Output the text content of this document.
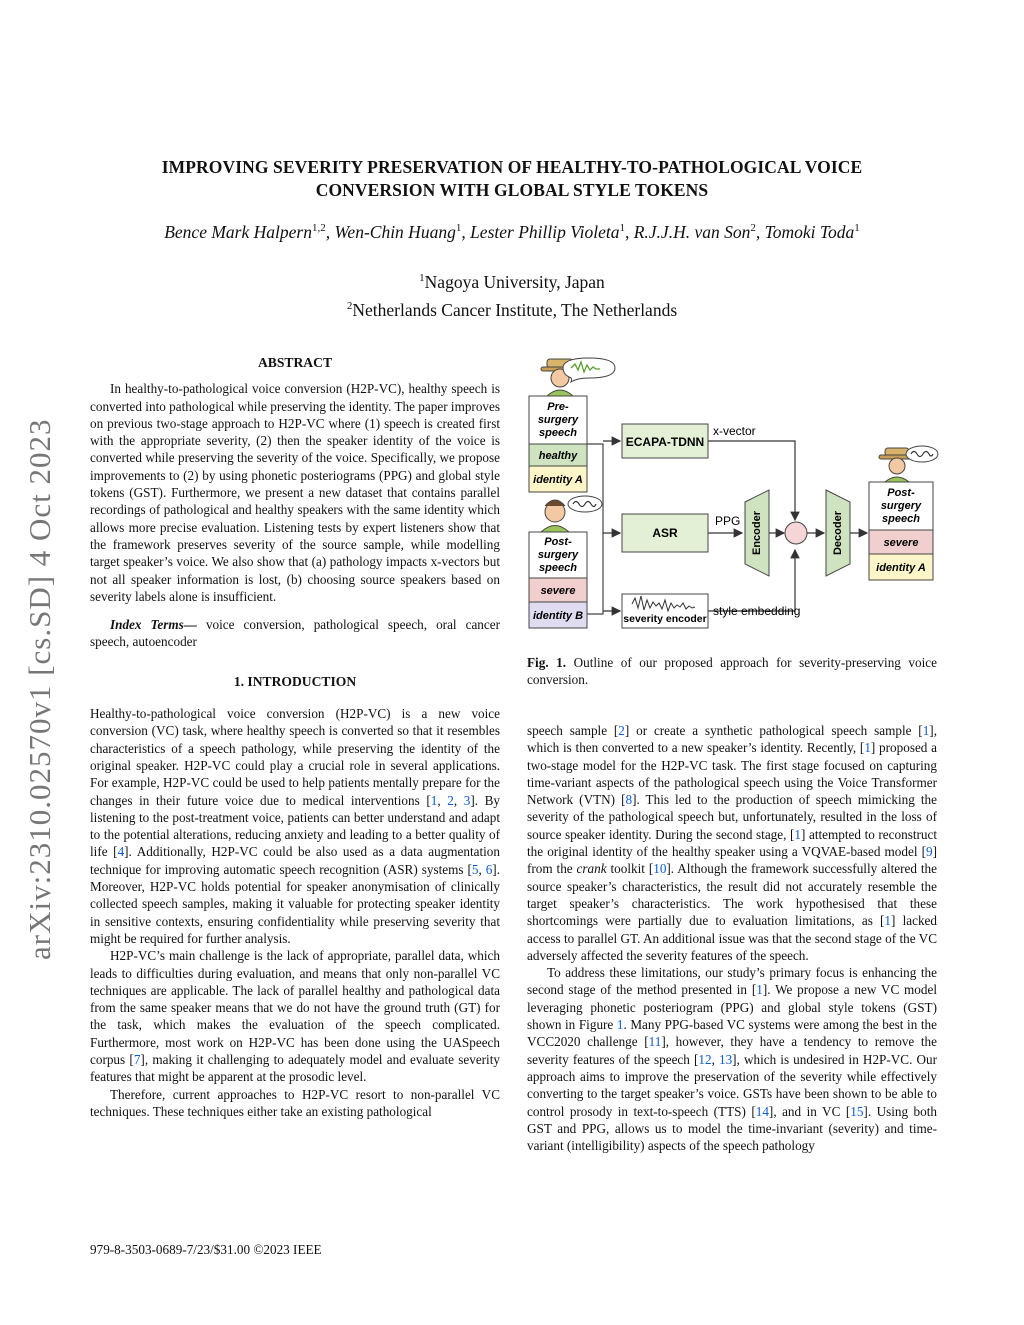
IMPROVING SEVERITY PRESERVATION OF HEALTHY-TO-PATHOLOGICAL VOICE
CONVERSION WITH GLOBAL STYLE TOKENS
Bence Mark Halpern$^{1,2}$, Wen-Chin Huang$^1$, Lester Phillip Violeta$^1$, R.J.J.H. van Son$^2$, Tomoki Toda$^1$
$^1$Nagoya University, Japan
$^2$Netherlands Cancer Institute, The Netherlands
arXiv:2310.02570v1 [cs.SD] 4 Oct 2023

ABSTRACT

In healthy-to-pathological voice conversion (H2P-VC), healthy speech is converted into pathological while preserving the identity. The paper improves on previous two-stage approach to H2P-VC where (1) speech is created first with the appropriate severity, (2) then the speaker identity of the voice is converted while preserving the severity of the voice. Specifically, we propose improvements to (2) by using phonetic posteriograms (PPG) and global style tokens (GST). Furthermore, we present a new dataset that contains parallel recordings of pathological and healthy speakers with the same identity which allows more precise evaluation. Listening tests by expert listeners show that the framework preserves severity of the source sample, while modelling target speaker’s voice. We also show that (a) pathology impacts x-vectors but not all speaker information is lost, (b) choosing source speakers based on severity labels alone is insufficient.

Index Terms— voice conversion, pathological speech, oral cancer speech, autoencoder

1. INTRODUCTION

Healthy-to-pathological voice conversion (H2P-VC) is a new voice conversion (VC) task, where healthy speech is converted so that it resembles characteristics of a speech pathology, while preserving the identity of the original speaker. H2P-VC could play a crucial role in several applications. For example, H2P-VC could be used to help patients mentally prepare for the changes in their future voice due to medical interventions [1, 2, 3]. By listening to the post-treatment voice, patients can better understand and adapt to the potential alterations, reducing anxiety and leading to a better quality of life [4]. Additionally, H2P-VC could be also used as a data augmentation technique for improving automatic speech recognition (ASR) systems [5, 6]. Moreover, H2P-VC holds potential for speaker anonymisation of clinically collected speech samples, making it valuable for protecting speaker identity in sensitive contexts, ensuring confidentiality while preserving severity that might be required for further analysis.

H2P-VC’s main challenge is the lack of appropriate, parallel data, which leads to difficulties during evaluation, and means that only non-parallel VC techniques are applicable. The lack of parallel healthy and pathological data from the same speaker means that we do not have the ground truth (GT) for the task, which makes the evaluation of the speech complicated. Furthermore, most work on H2P-VC has been done using the UASpeech corpus [7], making it challenging to adequately model and evaluate severity features that might be apparent at the prosodic level.

Therefore, current approaches to H2P-VC resort to non-parallel VC techniques. These techniques either take an existing pathological

speech sample [2] or create a synthetic pathological speech sample [1], which is then converted to a new speaker’s identity. Recently, [1] proposed a two-stage model for the H2P-VC task. The first stage focused on capturing time-variant aspects of the pathological speech using the Voice Transformer Network (VTN) [8]. This led to the production of speech mimicking the severity of the pathological speech but, unfortunately, resulted in the loss of source speaker identity. During the second stage, [1] attempted to reconstruct the original identity of the healthy speaker using a VQVAE-based model [9] from the crank toolkit [10]. Although the framework successfully altered the source speaker’s characteristics, the result did not accurately resemble the target speaker’s characteristics. The work hypothesised that these shortcomings were partially due to evaluation limitations, as [1] lacked access to parallel GT. An additional issue was that the second stage of the VC adversely affected the severity features of the speech.

To address these limitations, our study’s primary focus is enhancing the second stage of the method presented in [1]. We propose a new VC model leveraging phonetic posteriogram (PPG) and global style tokens (GST) shown in Figure 1. Many PPG-based VC systems were among the best in the VCC2020 challenge [11], however, they have a tendency to remove the severity features of the speech [12, 13], which is undesired in H2P-VC. Our approach aims to improve the preservation of the severity while effectively converting to the target speaker’s voice. GSTs have been shown to be able to control prosody in text-to-speech (TTS) [14], and in VC [15]. Using both GST and PPG, allows us to model the time-invariant (severity) and time-variant (intelligibility) aspects of the speech pathology

Pre-
surgery
speech
healthy
identity A
Post-
surgery
speech
severe
identity B
ECAPA-TDNN
ASR
severity encoder
x-vector
PPG
style embedding
Encoder	Decoder
Post-
surgery
speech
severe
identity A
Fig. 1. Outline of our proposed approach for severity-preserving voice conversion.
979-8-3503-0689-7/23/$31.00 ©2023 IEEE
